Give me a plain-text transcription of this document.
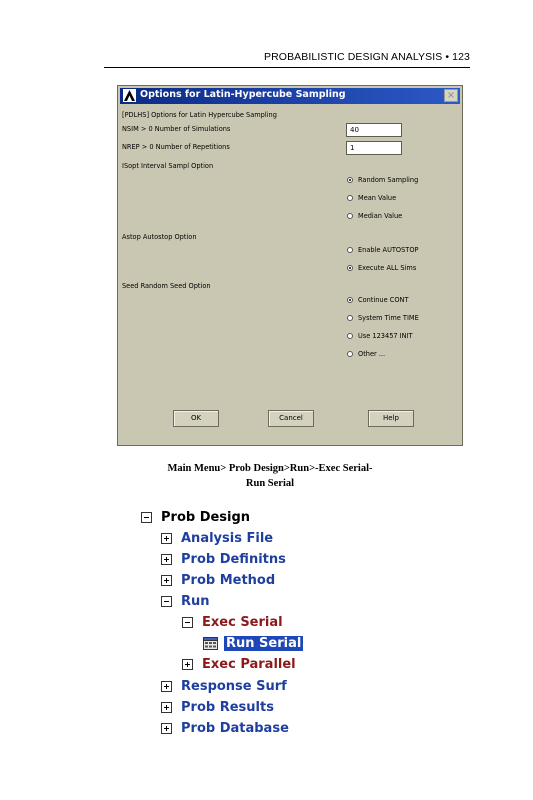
PROBABILISTIC DESIGN ANALYSIS • 123
Options for Latin-Hypercube Sampling	×
[PDLHS] Options for Latin Hypercube Sampling
NSIM > 0 Number of Simulations	40
NREP > 0 Number of Repetitions	1
ISopt Interval Sampl Option
Random Sampling
Mean Value
Median Value
Astop Autostop Option
Enable AUTOSTOP
Execute ALL Sims
Seed Random Seed Option
Continue CONT
System Time TIME
Use 123457 INIT
Other ...
OK	Cancel	Help
Main Menu> Prob Design>Run>-Exec Serial-
Run Serial
Prob Design
Analysis File
Prob Definitns
Prob Method
Run
Exec Serial
Run Serial
Exec Parallel
Response Surf
Prob Results
Prob Database
